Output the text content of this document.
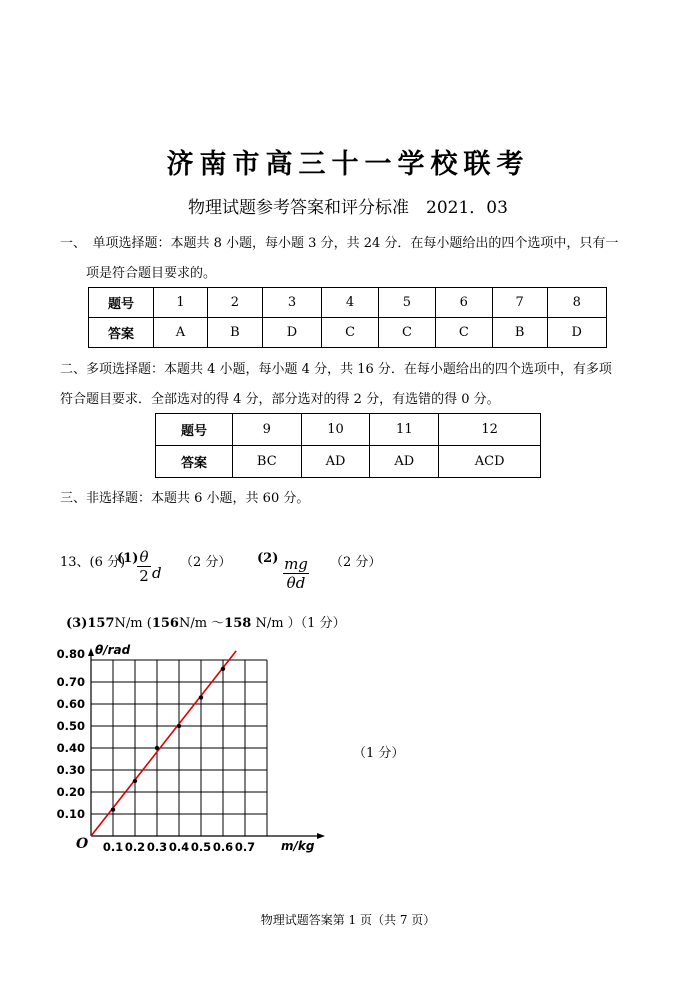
济南市高三十一学校联考
物理试题参考答案和评分标准　2021．03
一、　单项选择题：本题共 8 小题，每小题 3 分，共 24 分．在每小题给出的四个选项中，只有一
项是符合题目要求的。
题号	1	2	3	4	5	6	7	8
答案	A	B	D	C	C	C	B	D
二、多项选择题：本题共 4 小题，每小题 4 分，共 16 分．在每小题给出的四个选项中，有多项
符合题目要求．全部选对的得 4 分，部分选对的得 2 分，有选错的得 0 分。
题号	9	10	11	12
答案	BC	AD	AD	ACD
三、非选择题：本题共 6 小题，共 60 分。
13、(6 分)
(1)
$\frac{\theta}{2}$ d
（2 分） $(2) \frac{mg}{\theta d} (2$ 分）
(3)157N/m (156N/m ～158 N/m ）（1 分）
0.1 0.2 0.3 0.4 0.5 0.6 0.7
0.10
0.20
0.30
0.40
0.50
0.60
0.70
0.80 θ/rad
m/kg
O
（1 分）
物理试题答案第 1 页（共 7 页）
